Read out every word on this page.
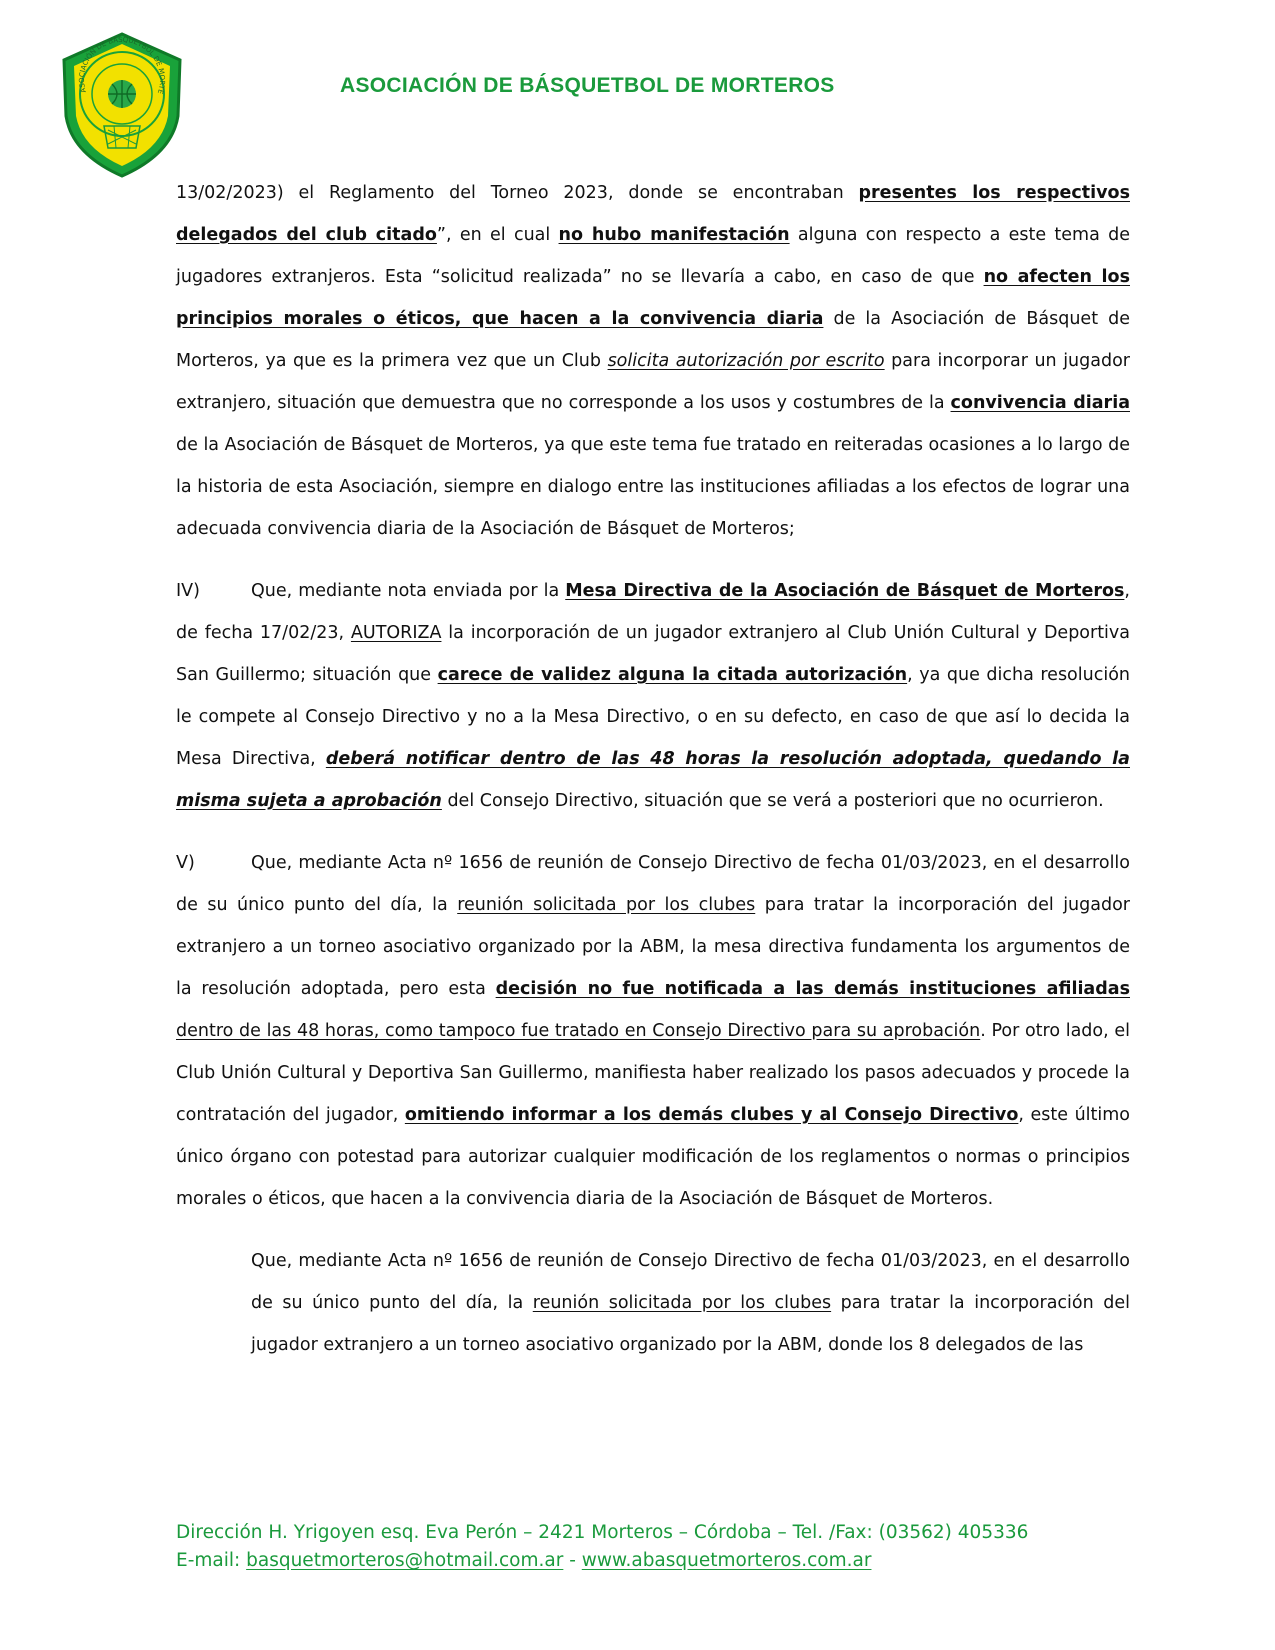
ASOCIACIÓN DE BÁSQUETBOL DE MORTE	ASOCIACIÓN DE BÁSQUETBOL DE MORTEROS

13/02/2023) el Reglamento del Torneo 2023, donde se encontraban presentes los respectivos delegados del club citado”, en el cual no hubo manifestación alguna con respecto a este tema de jugadores extranjeros. Esta “solicitud realizada” no se llevaría a cabo, en caso de que no afecten los principios morales o éticos, que hacen a la convivencia diaria de la Asociación de Básquet de Morteros, ya que es la primera vez que un Club solicita autorización por escrito para incorporar un jugador extranjero, situación que demuestra que no corresponde a los usos y costumbres de la convivencia diaria de la Asociación de Básquet de Morteros, ya que este tema fue tratado en reiteradas ocasiones a lo largo de la historia de esta Asociación, siempre en dialogo entre las instituciones afiliadas a los efectos de lograr una adecuada convivencia diaria de la Asociación de Básquet de Morteros;

IV)	Que, mediante nota enviada por la Mesa Directiva de la Asociación de Básquet de Morteros, de fecha 17/02/23, AUTORIZA la incorporación de un jugador extranjero al Club Unión Cultural y Deportiva San Guillermo; situación que carece de validez alguna la citada autorización, ya que dicha resolución le compete al Consejo Directivo y no a la Mesa Directivo, o en su defecto, en caso de que así lo decida la Mesa Directiva, deberá notificar dentro de las 48 horas la resolución adoptada, quedando la misma sujeta a aprobación del Consejo Directivo, situación que se verá a posteriori que no ocurrieron.

V)	Que, mediante Acta nº 1656 de reunión de Consejo Directivo de fecha 01/03/2023, en el desarrollo de su único punto del día, la reunión solicitada por los clubes para tratar la incorporación del jugador extranjero a un torneo asociativo organizado por la ABM, la mesa directiva fundamenta los argumentos de la resolución adoptada, pero esta decisión no fue notificada a las demás instituciones afiliadas dentro de las 48 horas, como tampoco fue tratado en Consejo Directivo para su aprobación. Por otro lado, el Club Unión Cultural y Deportiva San Guillermo, manifiesta haber realizado los pasos adecuados y procede la contratación del jugador, omitiendo informar a los demás clubes y al Consejo Directivo, este último único órgano con potestad para autorizar cualquier modificación de los reglamentos o normas o principios morales o éticos, que hacen a la convivencia diaria de la Asociación de Básquet de Morteros.

Que, mediante Acta nº 1656 de reunión de Consejo Directivo de fecha 01/03/2023, en el desarrollo de su único punto del día, la reunión solicitada por los clubes para tratar la incorporación del jugador extranjero a un torneo asociativo organizado por la ABM, donde los 8 delegados de las

Dirección H. Yrigoyen esq. Eva Perón – 2421 Morteros – Córdoba – Tel. /Fax: (03562) 405336
E-mail: basquetmorteros@hotmail.com.ar - www.abasquetmorteros.com.ar
